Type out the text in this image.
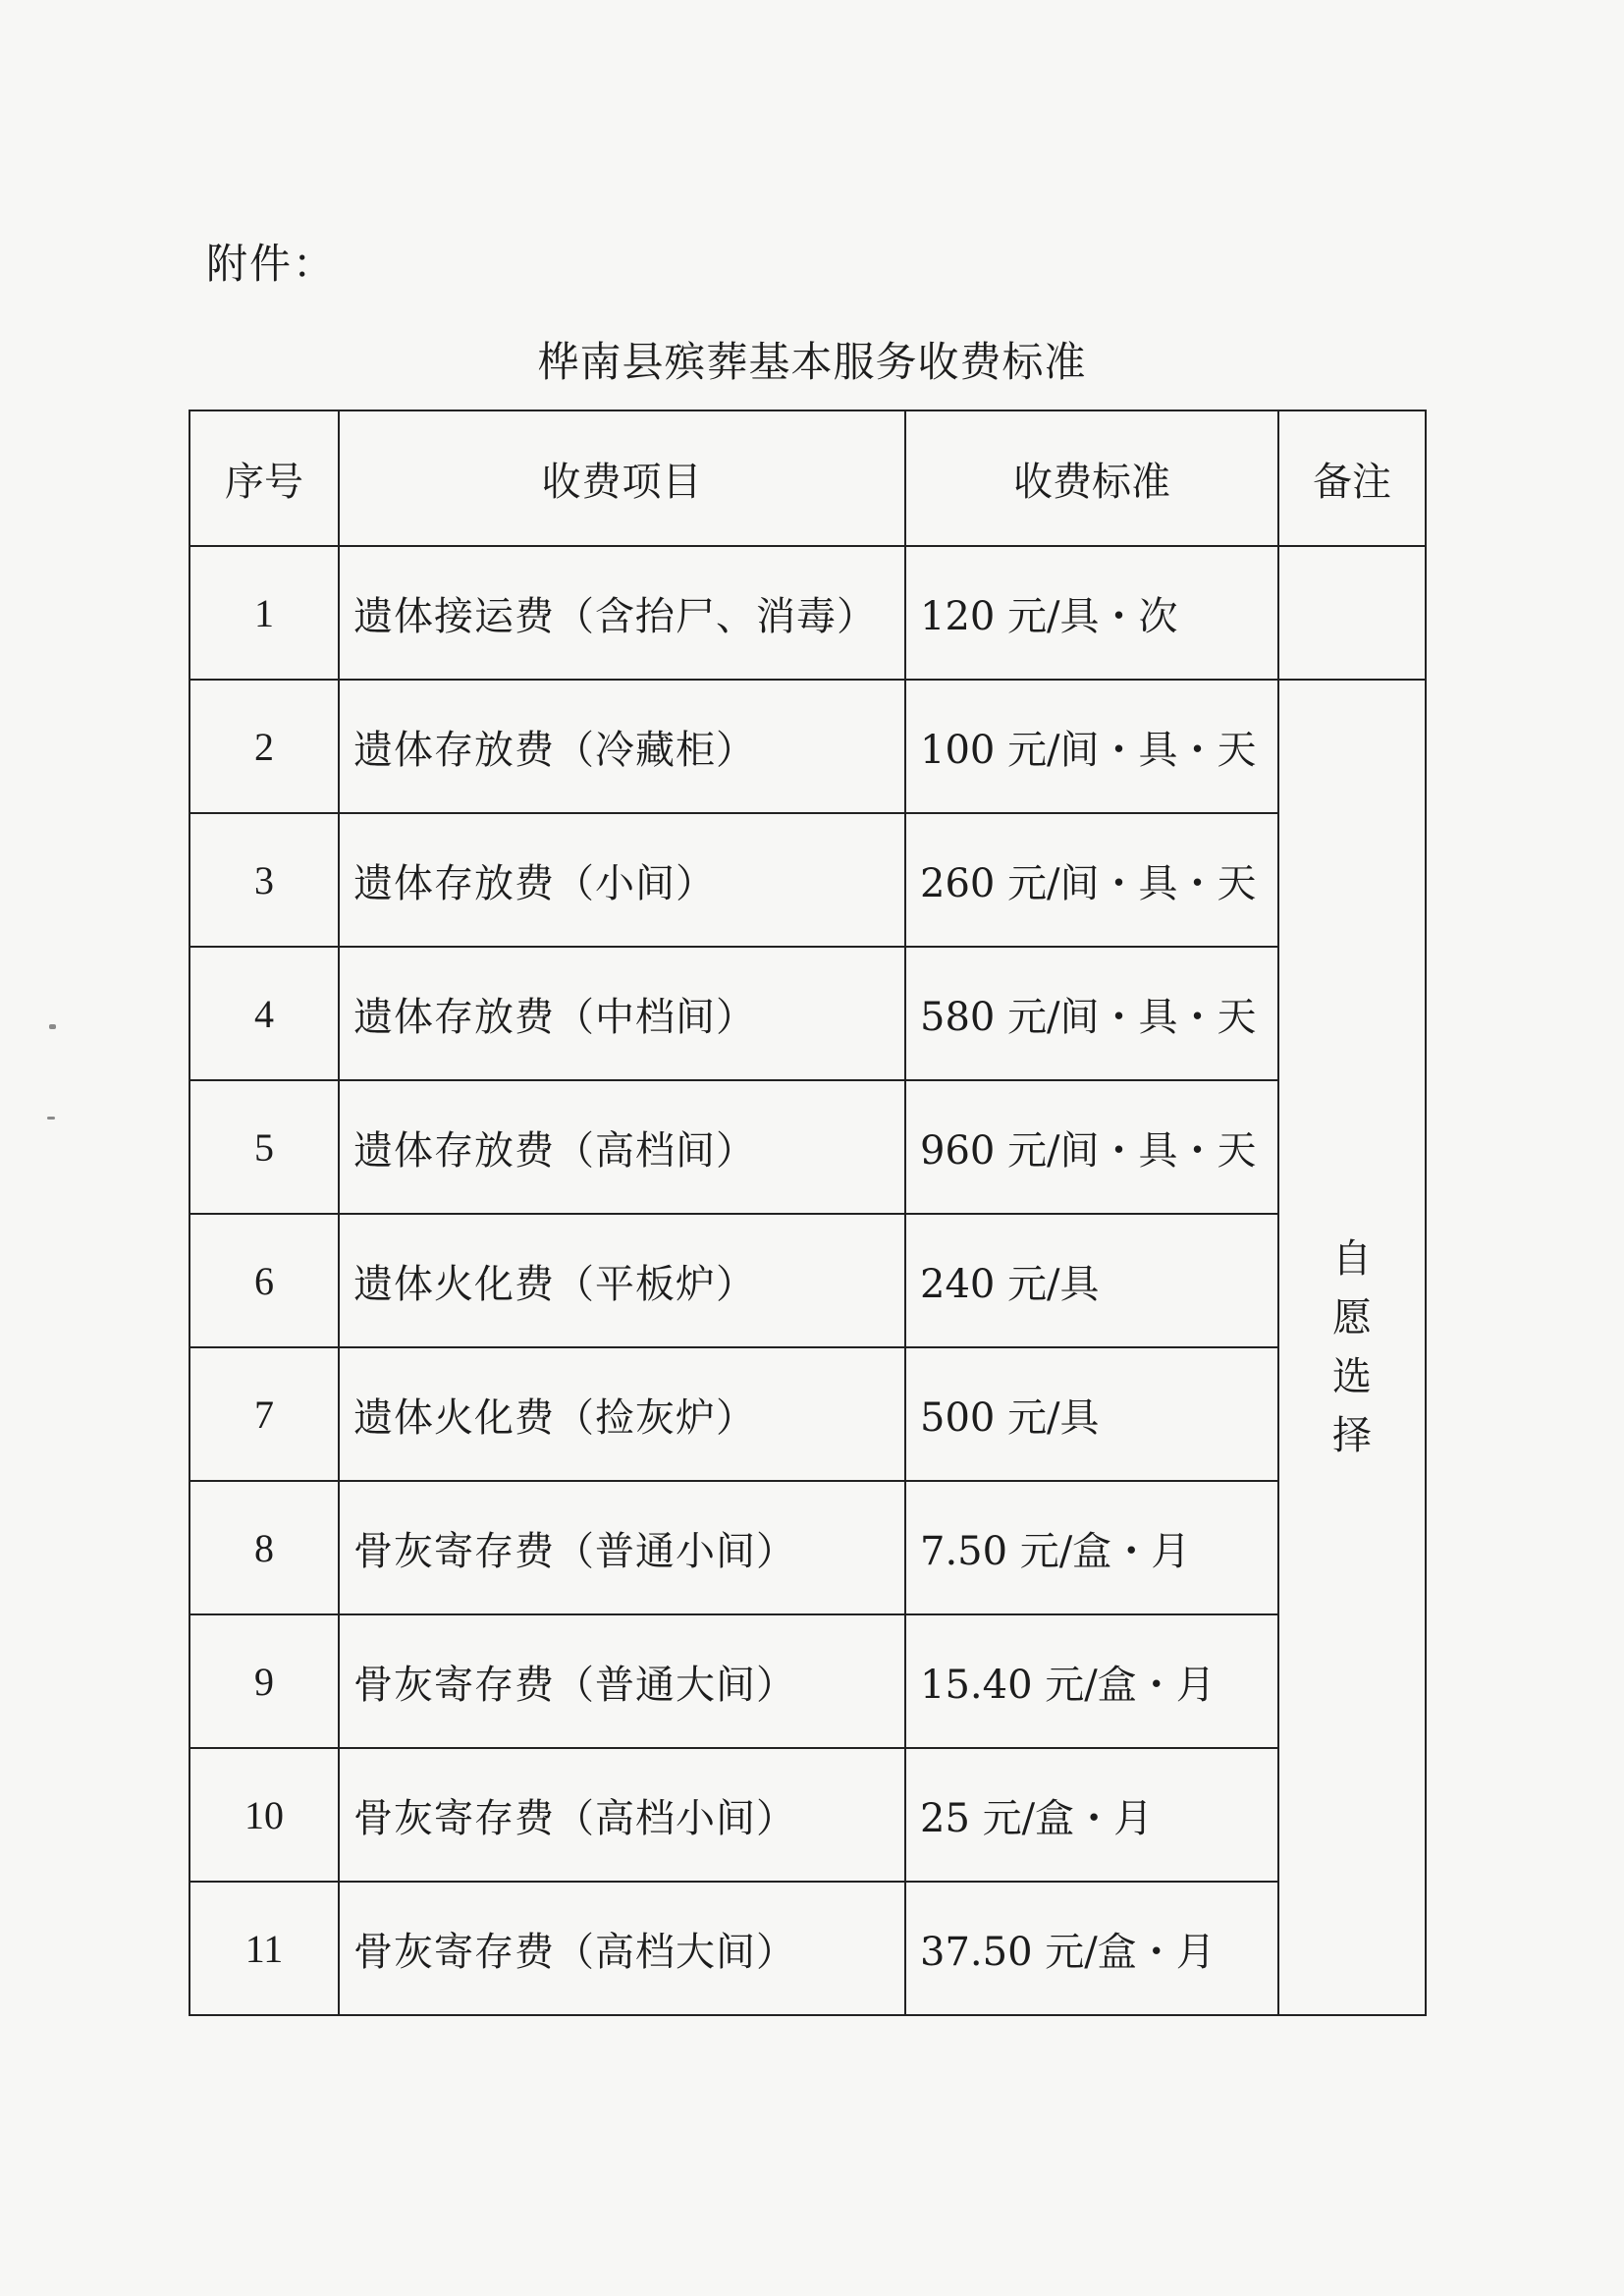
附件：
桦南县殡葬基本服务收费标准
序号	收费项目	收费标准	备注
1	遗体接运费（含抬尸、消毒）	120 元/具・次	
2	遗体存放费（冷藏柜）	100 元/间・具・天	自愿选择
3	遗体存放费（小间）	260 元/间・具・天	
4	遗体存放费（中档间）	580 元/间・具・天	
5	遗体存放费（高档间）	960 元/间・具・天	
6	遗体火化费（平板炉）	240 元/具	
7	遗体火化费（捡灰炉）	500 元/具	
8	骨灰寄存费（普通小间）	7.50 元/盒・月	
9	骨灰寄存费（普通大间）	15.40 元/盒・月	
10	骨灰寄存费（高档小间）	25 元/盒・月	
11	骨灰寄存费（高档大间）	37.50 元/盒・月	
